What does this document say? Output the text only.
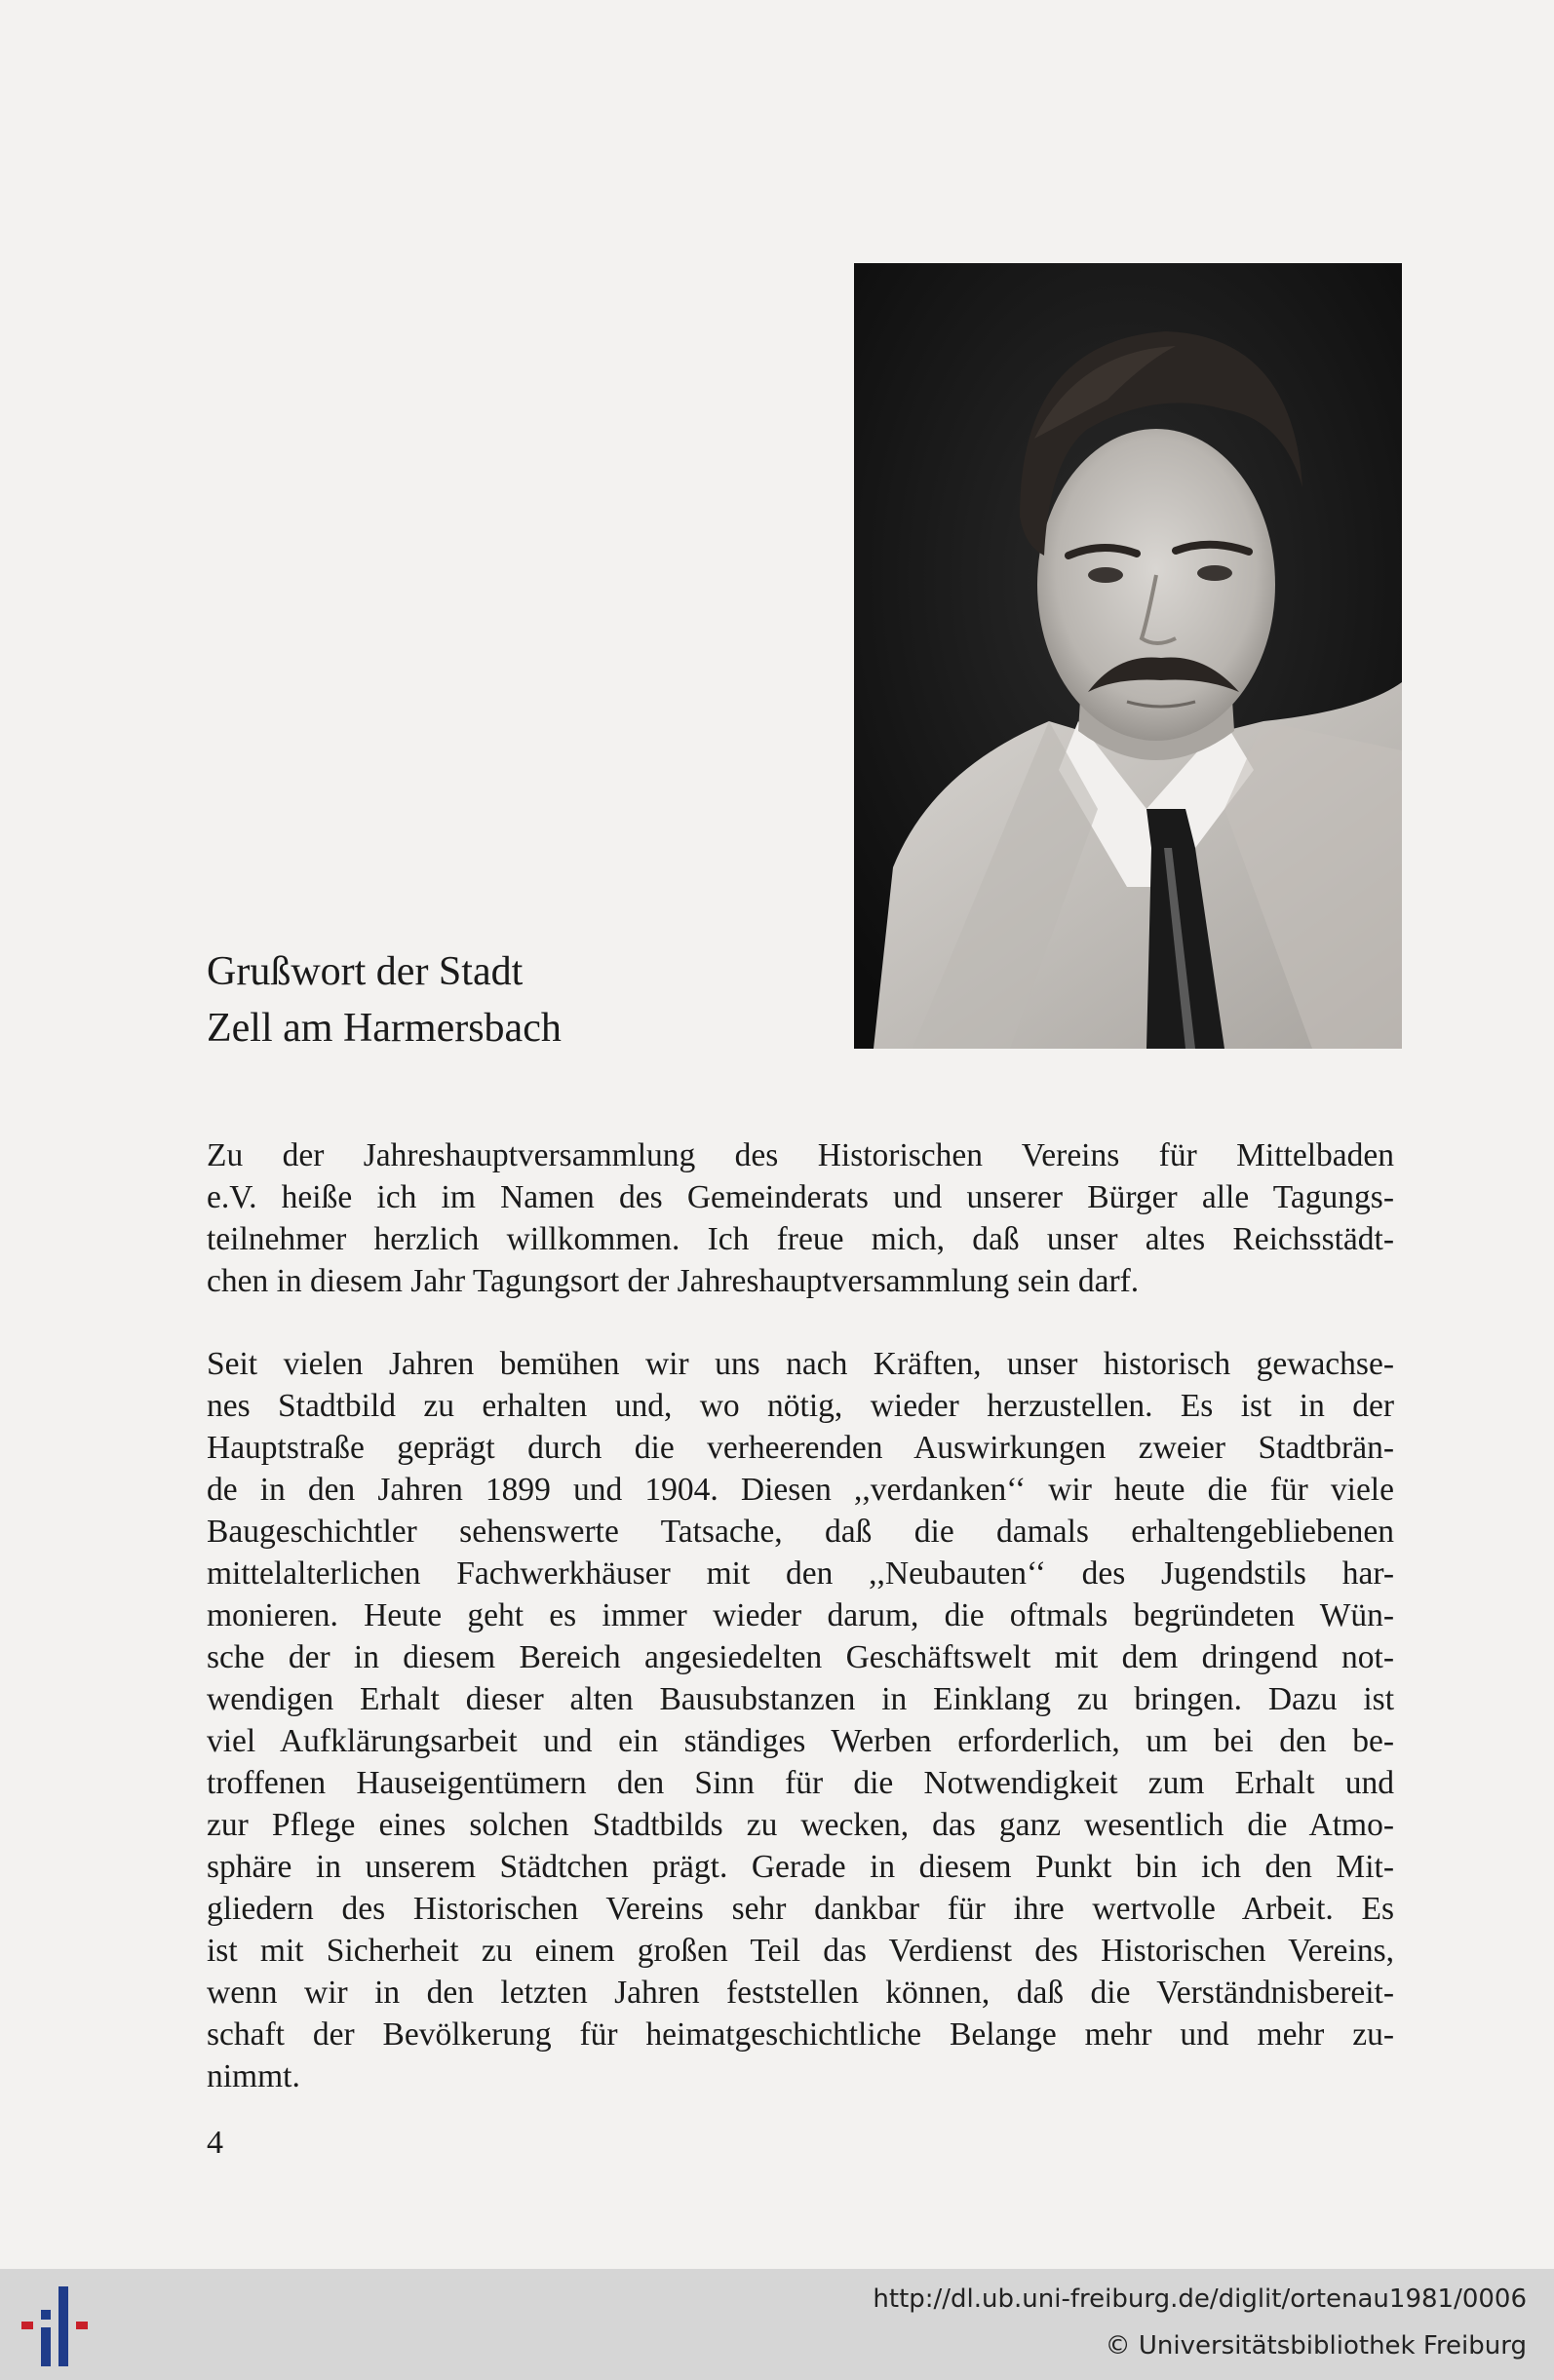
Grußwort der Stadt
Zell am Harmersbach
Zu der Jahreshauptversammlung des Historischen Vereins für Mittelbaden
e.V. heiße ich im Namen des Gemeinderats und unserer Bürger alle Tagungs-
teilnehmer herzlich willkommen. Ich freue mich, daß unser altes Reichsstädt-
chen in diesem Jahr Tagungsort der Jahreshauptversammlung sein darf.
Seit vielen Jahren bemühen wir uns nach Kräften, unser historisch gewachse-
nes Stadtbild zu erhalten und, wo nötig, wieder herzustellen. Es ist in der
Hauptstraße geprägt durch die verheerenden Auswirkungen zweier Stadtbrän-
de in den Jahren 1899 und 1904. Diesen ,,verdanken‘‘ wir heute die für viele
Baugeschichtler sehenswerte Tatsache, daß die damals erhaltengebliebenen
mittelalterlichen Fachwerkhäuser mit den ,,Neubauten‘‘ des Jugendstils har-
monieren. Heute geht es immer wieder darum, die oftmals begründeten Wün-
sche der in diesem Bereich angesiedelten Geschäftswelt mit dem dringend not-
wendigen Erhalt dieser alten Bausubstanzen in Einklang zu bringen. Dazu ist
viel Aufklärungsarbeit und ein ständiges Werben erforderlich, um bei den be-
troffenen Hauseigentümern den Sinn für die Notwendigkeit zum Erhalt und
zur Pflege eines solchen Stadtbilds zu wecken, das ganz wesentlich die Atmo-
sphäre in unserem Städtchen prägt. Gerade in diesem Punkt bin ich den Mit-
gliedern des Historischen Vereins sehr dankbar für ihre wertvolle Arbeit. Es
ist mit Sicherheit zu einem großen Teil das Verdienst des Historischen Vereins,
wenn wir in den letzten Jahren feststellen können, daß die Verständnisbereit-
schaft der Bevölkerung für heimatgeschichtliche Belange mehr und mehr zu-
nimmt.
4
http://dl.ub.uni-freiburg.de/diglit/ortenau1981/0006
© Universitätsbibliothek Freiburg
